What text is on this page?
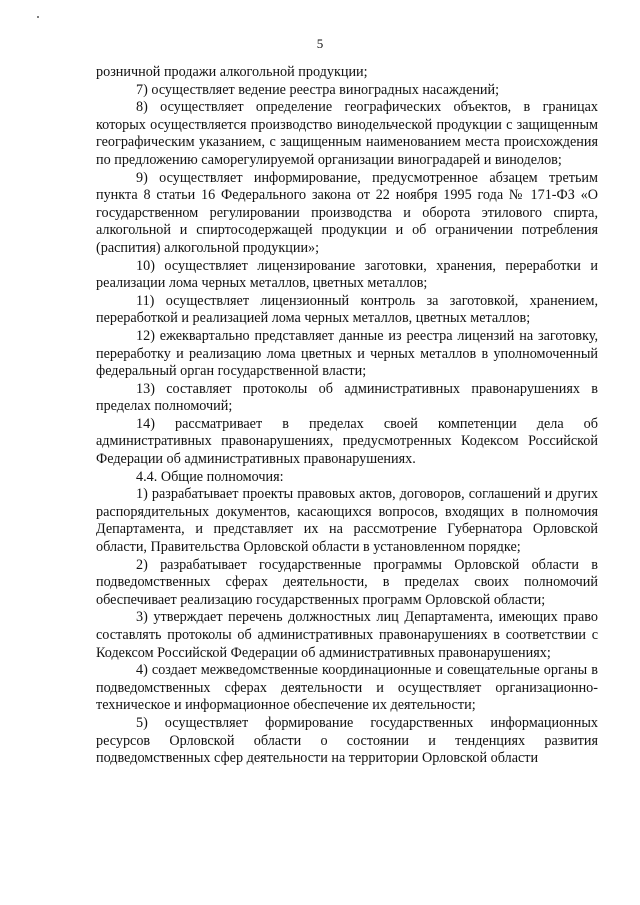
5

розничной продажи алкогольной продукции;

7) осуществляет ведение реестра виноградных насаждений;

8) осуществляет определение географических объектов, в границах которых осуществляется производство винодельческой продукции с защищенным географическим указанием, с защищенным наименованием места происхождения по предложению саморегулируемой организации виноградарей и виноделов;

9) осуществляет информирование, предусмотренное абзацем третьим пункта 8 статьи 16 Федерального закона от 22 ноября 1995 года № 171-ФЗ «О государственном регулировании производства и оборота этилового спирта, алкогольной и спиртосодержащей продукции и об ограничении потребления (распития) алкогольной продукции»;

10) осуществляет лицензирование заготовки, хранения, переработки и реализации лома черных металлов, цветных металлов;

11) осуществляет лицензионный контроль за заготовкой, хранением, переработкой и реализацией лома черных металлов, цветных металлов;

12) ежеквартально представляет данные из реестра лицензий на заготовку, переработку и реализацию лома цветных и черных металлов в уполномоченный федеральный орган государственной власти;

13) составляет протоколы об административных правонарушениях в пределах полномочий;

14) рассматривает в пределах своей компетенции дела об административных правонарушениях, предусмотренных Кодексом Российской Федерации об административных правонарушениях.

4.4. Общие полномочия:

1) разрабатывает проекты правовых актов, договоров, соглашений и других распорядительных документов, касающихся вопросов, входящих в полномочия Департамента, и представляет их на рассмотрение Губернатора Орловской области, Правительства Орловской области в установленном порядке;

2) разрабатывает государственные программы Орловской области в подведомственных сферах деятельности, в пределах своих полномочий обеспечивает реализацию государственных программ Орловской области;

3) утверждает перечень должностных лиц Департамента, имеющих право составлять протоколы об административных правонарушениях в соответствии с Кодексом Российской Федерации об административных правонарушениях;

4) создает межведомственные координационные и совещательные органы в подведомственных сферах деятельности и осуществляет организационно-техническое и информационное обеспечение их деятельности;

5) осуществляет формирование государственных информационных ресурсов Орловской области о состоянии и тенденциях развития подведомственных сфер деятельности на территории Орловской области
